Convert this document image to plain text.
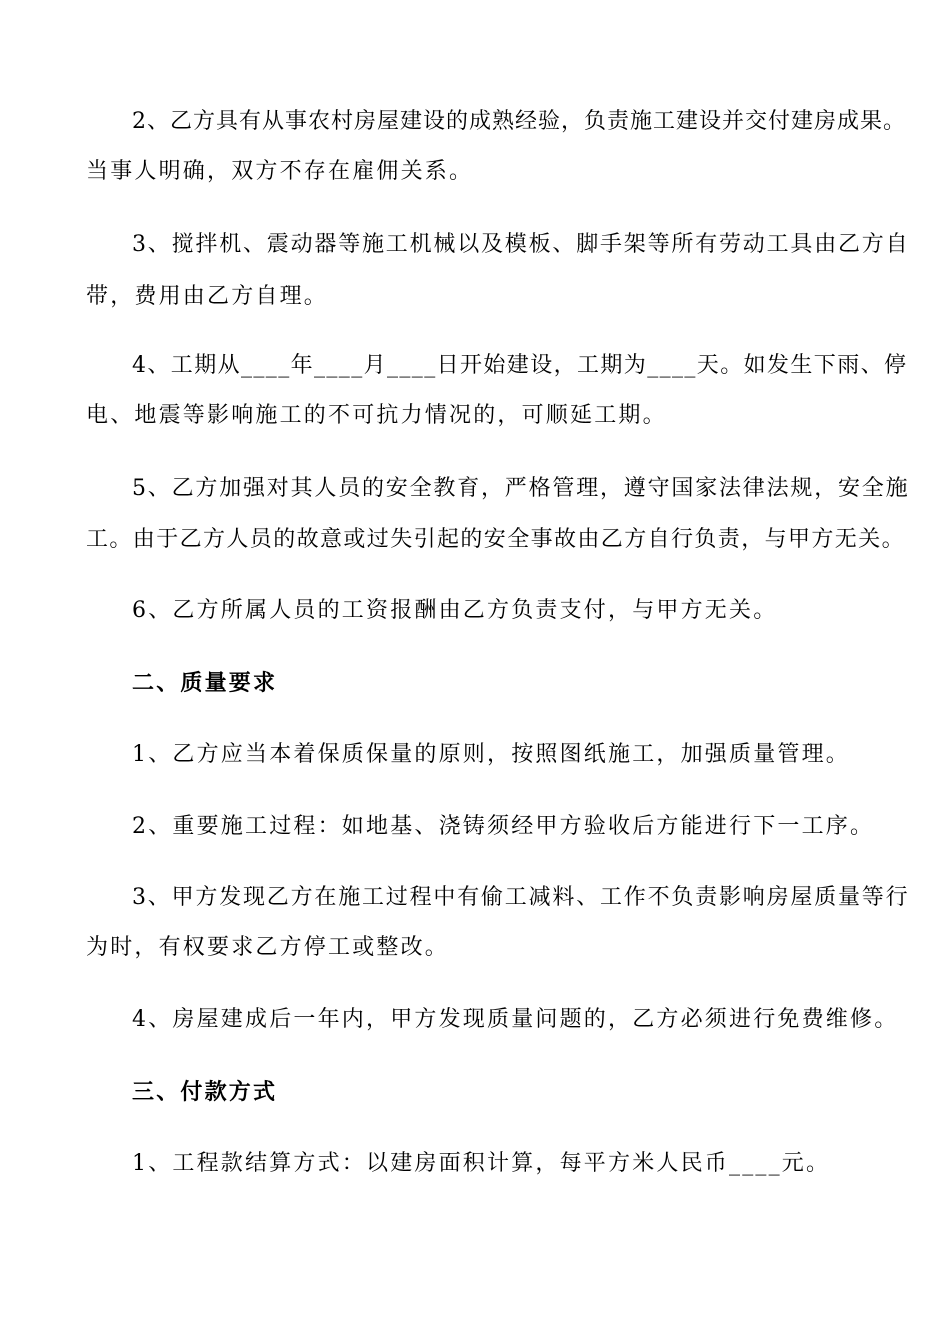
2、乙方具有从事农村房屋建设的成熟经验，负责施工建设并交付建房成果。
当事人明确，双方不存在雇佣关系。
3、搅拌机、震动器等施工机械以及模板、脚手架等所有劳动工具由乙方自
带，费用由乙方自理。
4、工期从____年____月____日开始建设，工期为____天。如发生下雨、停
电、地震等影响施工的不可抗力情况的，可顺延工期。
5、乙方加强对其人员的安全教育，严格管理，遵守国家法律法规，安全施
工。由于乙方人员的故意或过失引起的安全事故由乙方自行负责，与甲方无关。
6、乙方所属人员的工资报酬由乙方负责支付，与甲方无关。
二、质量要求
1、乙方应当本着保质保量的原则，按照图纸施工，加强质量管理。
2、重要施工过程：如地基、浇铸须经甲方验收后方能进行下一工序。
3、甲方发现乙方在施工过程中有偷工减料、工作不负责影响房屋质量等行
为时，有权要求乙方停工或整改。
4、房屋建成后一年内，甲方发现质量问题的，乙方必须进行免费维修。
三、付款方式
1、工程款结算方式：以建房面积计算，每平方米人民币____元。
